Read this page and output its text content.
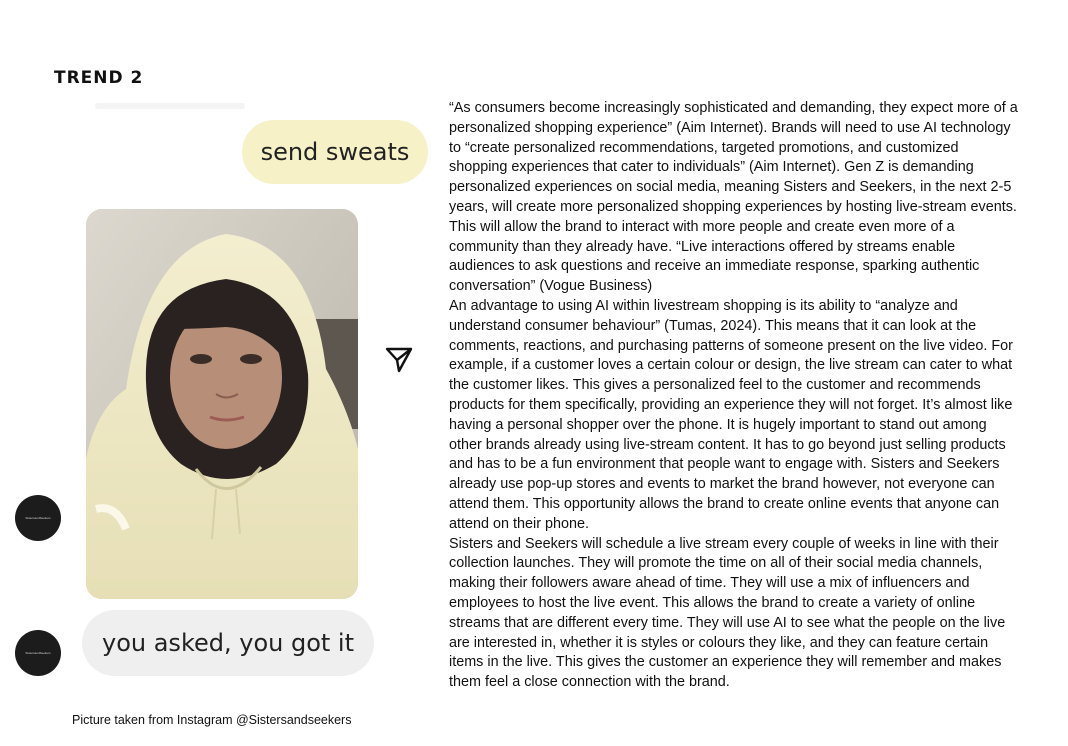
TREND 2
send sweats
SistersandSeekers
SistersandSeekers	you asked, you got it

“As consumers become increasingly sophisticated and demanding, they expect more of a personalized shopping experience” (Aim Internet). Brands will need to use AI technology to “create personalized recommendations, targeted promotions, and customized shopping experiences that cater to individuals” (Aim Internet). Gen Z is demanding personalized experiences on social media, meaning Sisters and Seekers, in the next 2-5 years, will create more personalized shopping experiences by hosting live-stream events. This will allow the brand to interact with more people and create even more of a community than they already have. “Live interactions offered by streams enable audiences to ask questions and receive an immediate response, sparking authentic conversation” (Vogue Business)

An advantage to using AI within livestream shopping is its ability to “analyze and understand consumer behaviour” (Tumas, 2024). This means that it can look at the comments, reactions, and purchasing patterns of someone present on the live video. For example, if a customer loves a certain colour or design, the live stream can cater to what the customer likes. This gives a personalized feel to the customer and recommends products for them specifically, providing an experience they will not forget. It’s almost like having a personal shopper over the phone. It is hugely important to stand out among other brands already using live-stream content. It has to go beyond just selling products and has to be a fun environment that people want to engage with. Sisters and Seekers already use pop-up stores and events to market the brand however, not everyone can attend them. This opportunity allows the brand to create online events that anyone can attend on their phone.

Sisters and Seekers will schedule a live stream every couple of weeks in line with their collection launches. They will promote the time on all of their social media channels, making their followers aware ahead of time. They will use a mix of influencers and employees to host the live event. This allows the brand to create a variety of online streams that are different every time. They will use AI to see what the people on the live are interested in, whether it is styles or colours they like, and they can feature certain items in the live. This gives the customer an experience they will remember and makes them feel a close connection with the brand.

Picture taken from Instagram @Sistersandseekers
